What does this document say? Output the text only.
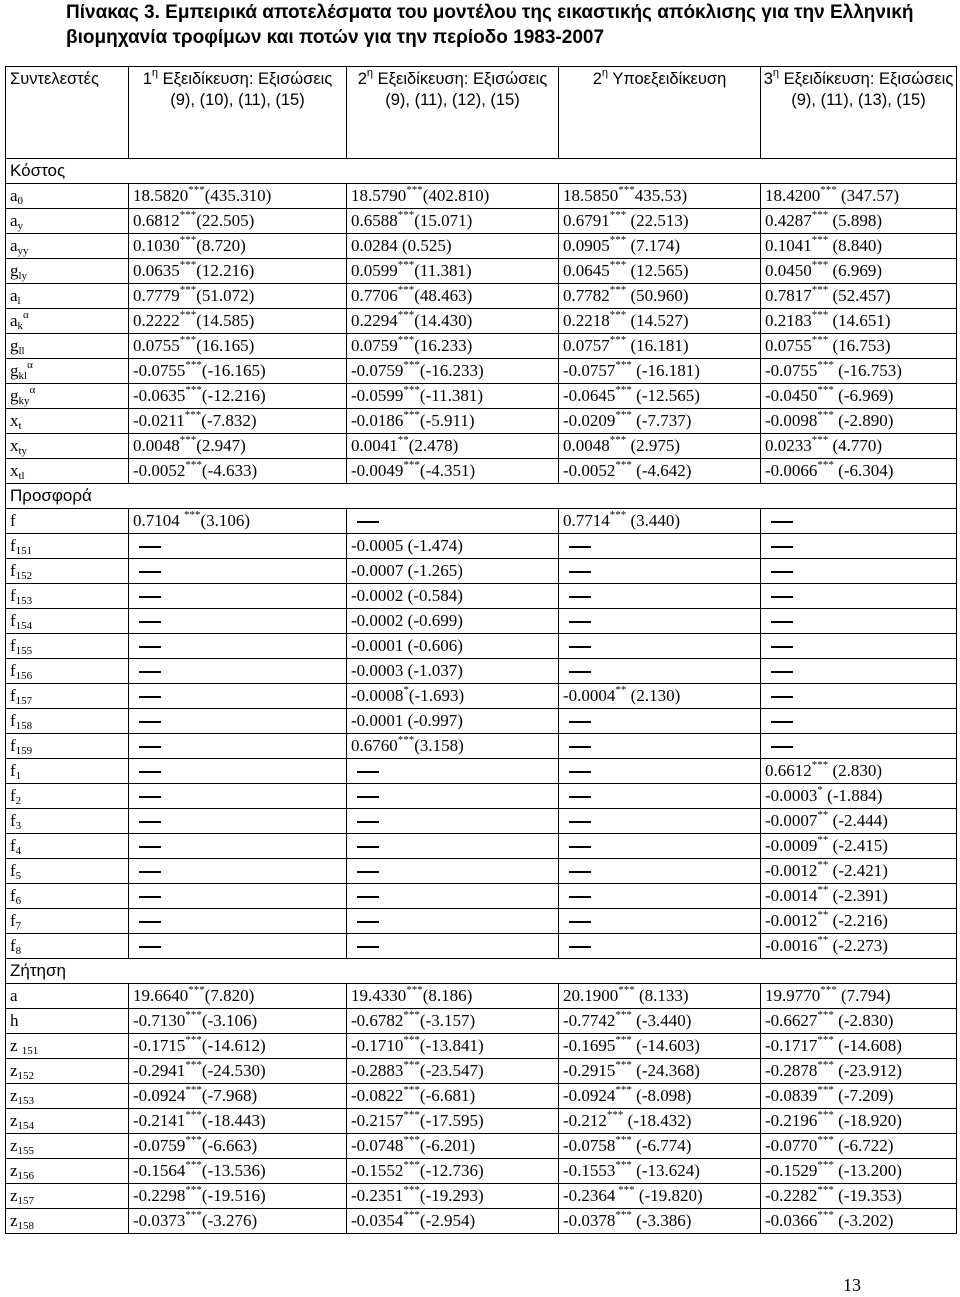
Πίνακας 3. Εμπειρικά αποτελέσματα του μοντέλου της εικαστικής απόκλισης για την Ελληνική βιομηχανία τροφίμων και ποτών για την περίοδο 1983-2007
Συντελεστές	$1^\eta$ Εξειδίκευση: Εξισώσεις (9), (10), (11), (15)	$2^\eta$ Εξειδίκευση: Εξισώσεις (9), (11), (12), (15)	$2^\eta$ Υποεξειδίκευση	$3^\eta$ Εξειδίκευση: Εξισώσεις (9), (11), (13), (15)
Κόστος				
$a_0$	18.5820***(435.310)	18.5790***(402.810)	18.5850***435.53)	18.4200*** (347.57)
$a_y$	0.6812***(22.505)	0.6588***(15.071)	0.6791*** (22.513)	0.4287*** (5.898)
$a_{yy}$	0.1030***(8.720)	0.0284 (0.525)	0.0905*** (7.174)	0.1041*** (8.840)
$g_{ly}$	0.0635***(12.216)	0.0599***(11.381)	0.0645*** (12.565)	0.0450*** (6.969)
$a_l$	0.7779***(51.072)	0.7706***(48.463)	0.7782*** (50.960)	0.7817*** (52.457)
$a_k^\alpha$	0.2222***(14.585)	0.2294***(14.430)	0.2218*** (14.527)	0.2183*** (14.651)
$g_{ll}$	0.0755***(16.165)	0.0759***(16.233)	0.0757*** (16.181)	0.0755*** (16.753)
$g_{kl}^\alpha$	-0.0755***(-16.165)	-0.0759***(-16.233)	-0.0757*** (-16.181)	-0.0755*** (-16.753)
$g_{ky}^\alpha$	-0.0635***(-12.216)	-0.0599***(-11.381)	-0.0645*** (-12.565)	-0.0450*** (-6.969)
$x_t$	-0.0211***(-7.832)	-0.0186***(-5.911)	-0.0209*** (-7.737)	-0.0098*** (-2.890)
$x_{ty}$	0.0048***(2.947)	0.0041**(2.478)	0.0048*** (2.975)	0.0233*** (4.770)
$x_{tl}$	-0.0052***(-4.633)	-0.0049***(-4.351)	-0.0052*** (-4.642)	-0.0066*** (-6.304)
Προσφορά				
f	0.7104 ***(3.106)		0.7714*** (3.440)	
$f_{151}$		-0.0005 (-1.474)		
$f_{152}$		-0.0007 (-1.265)		
$f_{153}$		-0.0002 (-0.584)		
$f_{154}$		-0.0002 (-0.699)		
$f_{155}$		-0.0001 (-0.606)		
$f_{156}$		-0.0003 (-1.037)		
$f_{157}$		-0.0008*(-1.693)	-0.0004** (2.130)	
$f_{158}$		-0.0001 (-0.997)		
$f_{159}$		0.6760***(3.158)		
$f_1$				0.6612*** (2.830)
$f_2$				-0.0003* (-1.884)
$f_3$				-0.0007** (-2.444)
$f_4$				-0.0009** (-2.415)
$f_5$				-0.0012** (-2.421)
$f_6$				-0.0014** (-2.391)
$f_7$				-0.0012** (-2.216)
$f_8$				-0.0016** (-2.273)
Ζήτηση				
a	19.6640***(7.820)	19.4330***(8.186)	20.1900*** (8.133)	19.9770*** (7.794)
h	-0.7130***(-3.106)	-0.6782***(-3.157)	-0.7742*** (-3.440)	-0.6627*** (-2.830)
z $_{151}$	-0.1715***(-14.612)	-0.1710***(-13.841)	-0.1695*** (-14.603)	-0.1717*** (-14.608)
$z_{152}$	-0.2941***(-24.530)	-0.2883***(-23.547)	-0.2915*** (-24.368)	-0.2878*** (-23.912)
$z_{153}$	-0.0924***(-7.968)	-0.0822***(-6.681)	-0.0924*** (-8.098)	-0.0839*** (-7.209)
$z_{154}$	-0.2141***(-18.443)	-0.2157***(-17.595)	-0.212*** (-18.432)	-0.2196*** (-18.920)
$z_{155}$	-0.0759***(-6.663)	-0.0748***(-6.201)	-0.0758*** (-6.774)	-0.0770*** (-6.722)
$z_{156}$	-0.1564***(-13.536)	-0.1552***(-12.736)	-0.1553*** (-13.624)	-0.1529*** (-13.200)
$z_{157}$	-0.2298***(-19.516)	-0.2351***(-19.293)	-0.2364 *** (-19.820)	-0.2282*** (-19.353)
$z_{158}$	-0.0373***(-3.276)	-0.0354***(-2.954)	-0.0378*** (-3.386)	-0.0366*** (-3.202)
13
